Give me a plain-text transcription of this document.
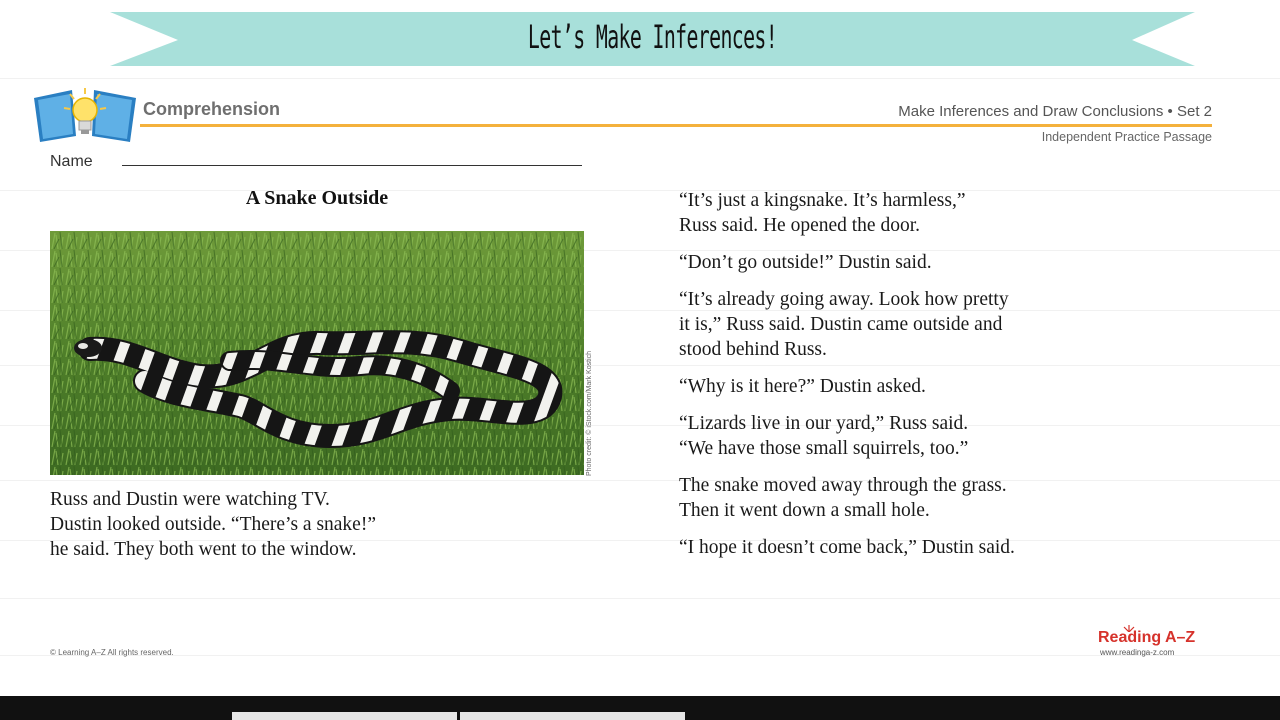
Let’s Make Inferences!
Comprehension	Make Inferences and Draw Conclusions • Set 2
Independent Practice Passage
Name
A Snake Outside
Photo credit: © iStock.com/Mark Kostich
Russ and Dustin were watching TV.
Dustin looked outside. “There’s a snake!”
he said. They both went to the window.
“It’s just a kingsnake. It’s harmless,”
Russ said. He opened the door.
“Don’t go outside!” Dustin said.
“It’s already going away. Look how pretty
it is,” Russ said. Dustin came outside and
stood behind Russ.
“Why is it here?” Dustin asked.
“Lizards live in our yard,” Russ said.
“We have those small squirrels, too.”
The snake moved away through the grass.
Then it went down a small hole.
“I hope it doesn’t come back,” Dustin said.
© Learning A–Z All rights reserved.
Reading A–Z
www.readinga-z.com
